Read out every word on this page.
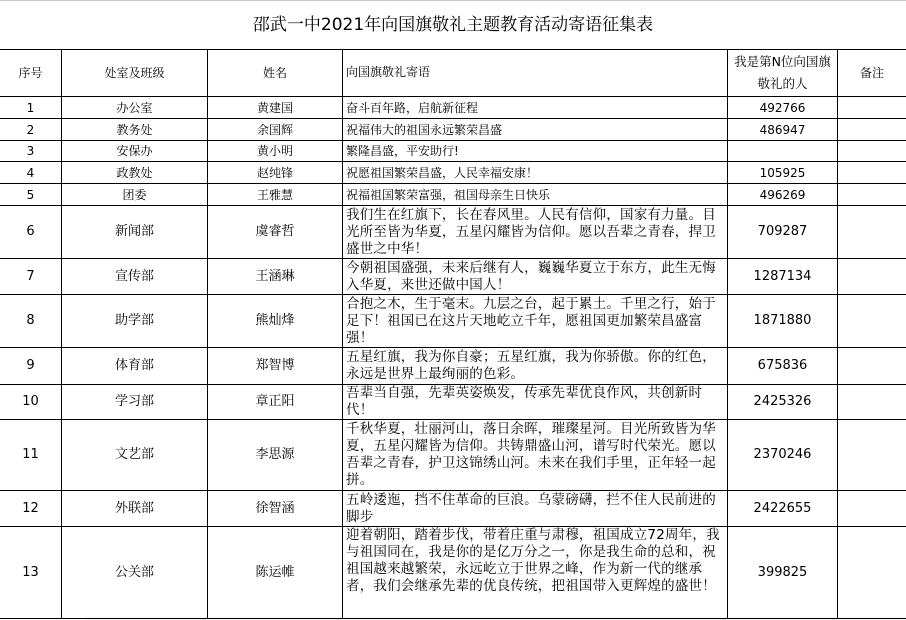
邵武一中2021年向国旗敬礼主题教育活动寄语征集表					
序号	处室及班级	姓名	向国旗敬礼寄语	我是第N位向国旗敬礼的人	备注
1	办公室	黄建国	奋斗百年路，启航新征程	492766	
2	教务处	余国辉	祝福伟大的祖国永远繁荣昌盛	486947	
3	安保办	黄小明	繁隆昌盛，平安助行!		
4	政教处	赵纯锋	祝愿祖国繁荣昌盛，人民幸福安康！	105925	
5	团委	王雅慧	祝福祖国繁荣富强，祖国母亲生日快乐	496269	
6	新闻部	虞睿哲	我们生在红旗下，长在春风里。人民有信仰，国家有力量。目光所至皆为华夏，五星闪耀皆为信仰。愿以吾辈之青春，捍卫盛世之中华！	709287	
7	宣传部	王涵琳	今朝祖国盛强，未来后继有人，巍巍华夏立于东方，此生无悔入华夏，来世还做中国人！	1287134	
8	助学部	熊灿烽	合抱之木，生于毫末。九层之台，起于累土。千里之行，始于足下！祖国已在这片天地屹立千年，愿祖国更加繁荣昌盛富强！	1871880	
9	体育部	郑智博	五星红旗，我为你自豪；五星红旗，我为你骄傲。你的红色，永远是世界上最绚丽的色彩。	675836	
10	学习部	章正阳	吾辈当自强，先辈英姿焕发，传承先辈优良作风，共创新时代！	2425326	
11	文艺部	李思源	千秋华夏，壮丽河山，落日余晖，璀璨星河。目光所致皆为华夏，五星闪耀皆为信仰。共铸鼎盛山河，谱写时代荣光。愿以吾辈之青春，护卫这锦绣山河。未来在我们手里，正年轻一起拼。	2370246	
12	外联部	徐智涵	五岭逶迤，挡不住革命的巨浪。乌蒙磅礴，拦不住人民前进的脚步	2422655	
13	公关部	陈运帷	迎着朝阳，踏着步伐，带着庄重与肃穆，祖国成立72周年，我与祖国同在，我是你的是亿万分之一，你是我生命的总和，祝祖国越来越繁荣，永远屹立于世界之峰，作为新一代的继承者，我们会继承先辈的优良传统，把祖国带入更辉煌的盛世！	399825	
